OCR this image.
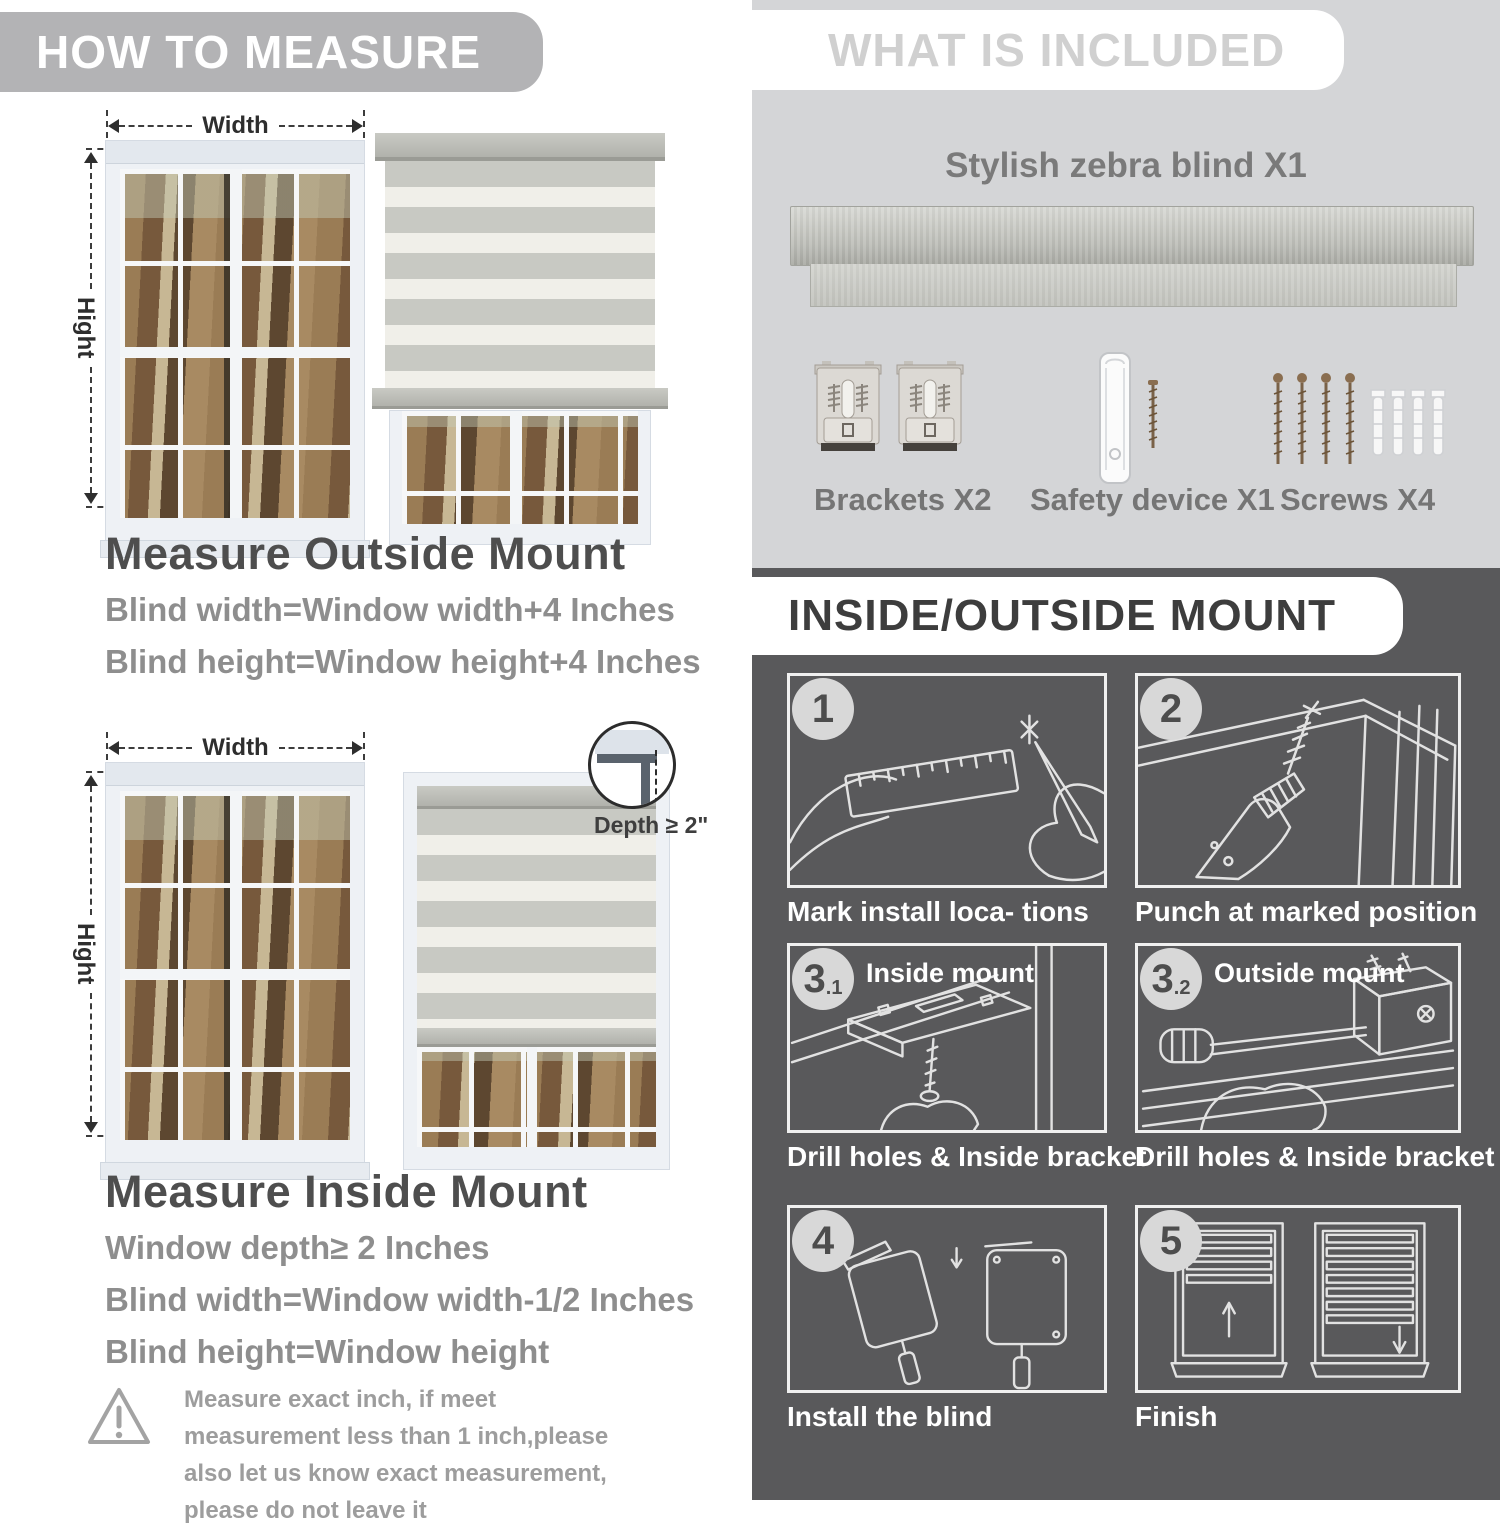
HOW TO MEASURE
Width
Hight
Measure Outside Mount
Blind width=Window width+4 Inches
Blind height=Window height+4 Inches
Width
Hight
Depth ≥ 2"
Measure Inside Mount
Window depth≥ 2 Inches
Blind width=Window width-1/2 Inches
Blind height=Window height
Measure exact inch, if meet measurement less than 1 inch,please also let us know exact measurement, please do not leave it
WHAT IS INCLUDED
Stylish zebra blind X1
Brackets X2 Safety device X1 Screws X4
INSIDE/OUTSIDE MOUNT
1
Mark install loca- tions
2
Punch at marked position
3 .1 Inside mount
Drill holes & Inside bracket
3 .2 Outside mount
Drill holes & Inside bracket
4
Install the blind
5
Finish
